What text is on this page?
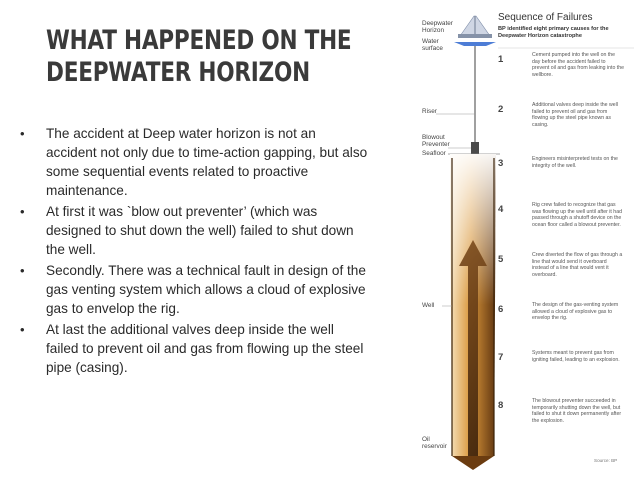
WHAT HAPPENED ON THE
DEEPWATER HORIZON
• The accident at Deep water horizon is not an accident not only due to time-action gapping, but also some sequential events related to proactive maintenance.
• At first it was `blow out preventer’ (which was designed to shut down the well) failed to shut down the well.
• Secondly. There was a technical fault in design of the gas venting system which allows a cloud of explosive gas to envelop the rig.
• At last the additional valves deep inside the well failed to prevent oil and gas from flowing up the steel pipe (casing).
Deepwater
Horizon
Water
surface
Riser
Blowout
Preventer
Seafloor
Well
Oil
reservoir
Sequence of Failures
BP identified eight primary causes for the Deepwater Horizon catastrophe
1	Cement pumped into the well on the day before the accident failed to prevent oil and gas from leaking into the wellbore.
2	Additional valves deep inside the well failed to prevent oil and gas from flowing up the steel pipe known as casing.
3	Engineers misinterpreted tests on the integrity of the well.
4	Rig crew failed to recognize that gas was flowing up the well until after it had passed through a shutoff device on the ocean floor called a blowout preventer.
5	Crew diverted the flow of gas through a line that would send it overboard instead of a line that would vent it overboard.
6	The design of the gas-venting system allowed a cloud of explosive gas to envelop the rig.
7	Systems meant to prevent gas from igniting failed, leading to an explosion.
8	The blowout preventer succeeded in temporarily shutting down the well, but failed to shut it down permanently after the explosion.
Source: BP
